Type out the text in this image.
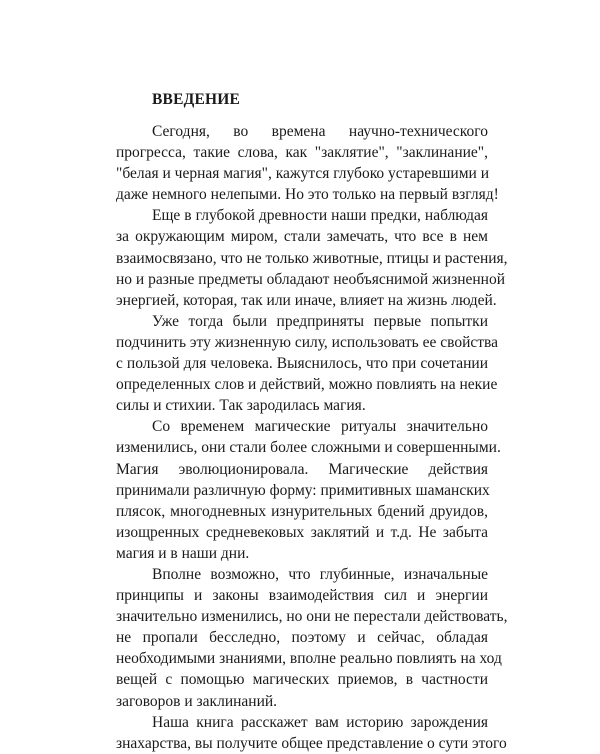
ВВЕДЕНИЕ
Сегодня, во времена научно-технического
прогресса, такие слова, как "заклятие", "заклинание",
"белая и черная магия", кажутся глубоко устаревшими и
даже немного нелепыми. Но это только на первый взгляд!
Еще в глубокой древности наши предки, наблюдая
за окружающим миром, стали замечать, что все в нем
взаимосвязано, что не только животные, птицы и растения,
но и разные предметы обладают необъяснимой жизненной
энергией, которая, так или иначе, влияет на жизнь людей.
Уже тогда были предприняты первые попытки
подчинить эту жизненную силу, использовать ее свойства
с пользой для человека. Выяснилось, что при сочетании
определенных слов и действий, можно повлиять на некие
силы и стихии. Так зародилась магия.
Со временем магические ритуалы значительно
изменились, они стали более сложными и совершенными.
Магия эволюционировала. Магические действия
принимали различную форму: примитивных шаманских
плясок, многодневных изнурительных бдений друидов,
изощренных средневековых заклятий и т.д. Не забыта
магия и в наши дни.
Вполне возможно, что глубинные, изначальные
принципы и законы взаимодействия сил и энергии
значительно изменились, но они не перестали действовать,
не пропали бесследно, поэтому и сейчас, обладая
необходимыми знаниями, вполне реально повлиять на ход
вещей с помощью магических приемов, в частности
заговоров и заклинаний.
Наша книга расскажет вам историю зарождения
знахарства, вы получите общее представление о сути этого
